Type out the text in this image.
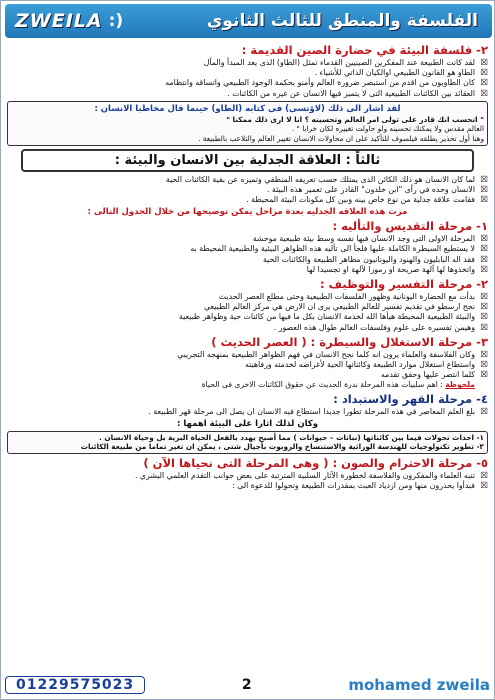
ZWEILA :)	الفلسفة والمنطق للثالث الثانوي
٢- فلسفة البيئة في حضارة الصين القديمة :
☒ لقد كانت الطبيعة عند المفكرين الصينيين القدماء تمثل (الطاو) الذى يعد المبدأ والمآل
☒ الطاو هو القانون الطبيعي اوالكيان الذاتي للأشياء .
☒ كان الطاويون من اقدم من استبصر ضرورة العالم وأمنو بحكمة الوجود الطبيعي واتساقه وانتظامه
☒ العقائد بين الكائنات الطبيعية التى لا يتميز فيها الانسان عن غيره من الكائنات .
لقد اشار الى ذلك (لاؤتسى) فى كتابه (الطاو) حينما قال مخاطبا الانسان :
" اتحسب انك قادر على تولى امر العالم وتحسينه ؟ انا لا ارى ذلك ممكنا "
العالم مقدس ولا يمكنك تحسينه ولو حاولت تغييره لكان خرابا " .
وهنا أول تحذير يطلقه فيلسوف للتأكيد على ان محاولات الانسان تغيير العالم والتلاعب بالطبيعة .
ثالثاً : العلاقة الجدلية بين الانسان والبيئة :
☒ لما كان الانسان هو ذلك الكائن الذى يمتلك حسب تعريفه المنطقي وتميزه عن بقية الكائنات الحية
☒ الانسان وحده في رأى "ابن خلدون" القادر على تعمير هذه البيئة .
☒ فقامت علاقة جدلية من نوع خاص بينه وبين كل مكونات البيئة المحيطة .
مرت هذه العلاقه الجدليه بعدة مراحل يمكن توضيحها من خلال الجدول التالى :
١- مرحلة التقديس والتأليه :
☒ المرحلة الاولى التى وجد الانسان فيها نفسه وسط بيئة طبيعية موحشة
☒ لا يستطيع السيطرة الكاملة عليها فلجأ الى تأليه هذه الظواهر البيئية والطبيعية المحيطة به
☒ فقد اله البابليون والهنود واليونانيون مظاهر الطبيعة والكائنات الحية
☒ واتخذوها لها آلهة صريحة او رموزا لآلهة او تجسيدا لها
٢- مرحلة التفسير والتوظيف :
☒ بدأت مع الحضارة اليونانية وظهور الفلسفات الطبيعية وحتى مطلع العصر الحديث
☒ نجح ارسطو في تقديم تفسير للعالم الطبيعي يرى ان الارض هي مركز العالم الطبيعي
☒ والبيئة الطبيعية المحيطة هيأها الله لخدمة الانسان بكل ما فيها من كائنات حية وظواهر طبيعية
☒ وهيمن تفسيره على علوم وفلسفات العالم طوال هذه العصور .
٣- مرحلة الاستغلال والسيطرة : ( العصر الحديث )
☒ وكان الفلاسفة والعلماء يرون انه كلما نجح الانسان في فهم الظواهر الطبيعية بمنهجه التجريبي
☒ واستطاع استغلال موارد الطبيعة وكائناتها الحية لأغراضه لخدمته ورفاهيته
☒ كلما انتصر عليها وحقق تقدمه
ملحوظة : اهم سلبيات هذه المرحلة ندرة الحديث عن حقوق الكائنات الاخرى فى الحياة
٤- مرحلة القهر والاستبداد :
☒ بلغ العلم المعاصر في هذه المرحلة تطورا جديدا استطاع فيه الانسان ان يصل الى مرحلة قهر الطبيعة .
وكان لذلك اثارا على البيئة اهمها :
١- احداث تحولات فيما بين كائناتها (نباتات – حيوانات ) مما أصبح يهدد بالفعل الحياة البرية بل وحياة الانسان .
٢- تطوير تكنولوجيات للهندسة الوراثية والاستنساخ والروبوت بأجيال شتى ، يمكن ان تغير تماما من طبيعة الكائنات
٥- مرحلة الاحترام والصون : ( وهى المرحلة التى نحياها الآن )
☒ تنبه العلماء والمفكرون والفلاسفة لخطورة الآثار السلبية المترتبة على بعض جوانب التقدم العلمي البشري .
☒ فبدأوا يحذرون منها ومن ازدياد العبث بمقدرات الطبيعة وتحولوا للدعوة الى :
01229575023	2	mohamed zweila
